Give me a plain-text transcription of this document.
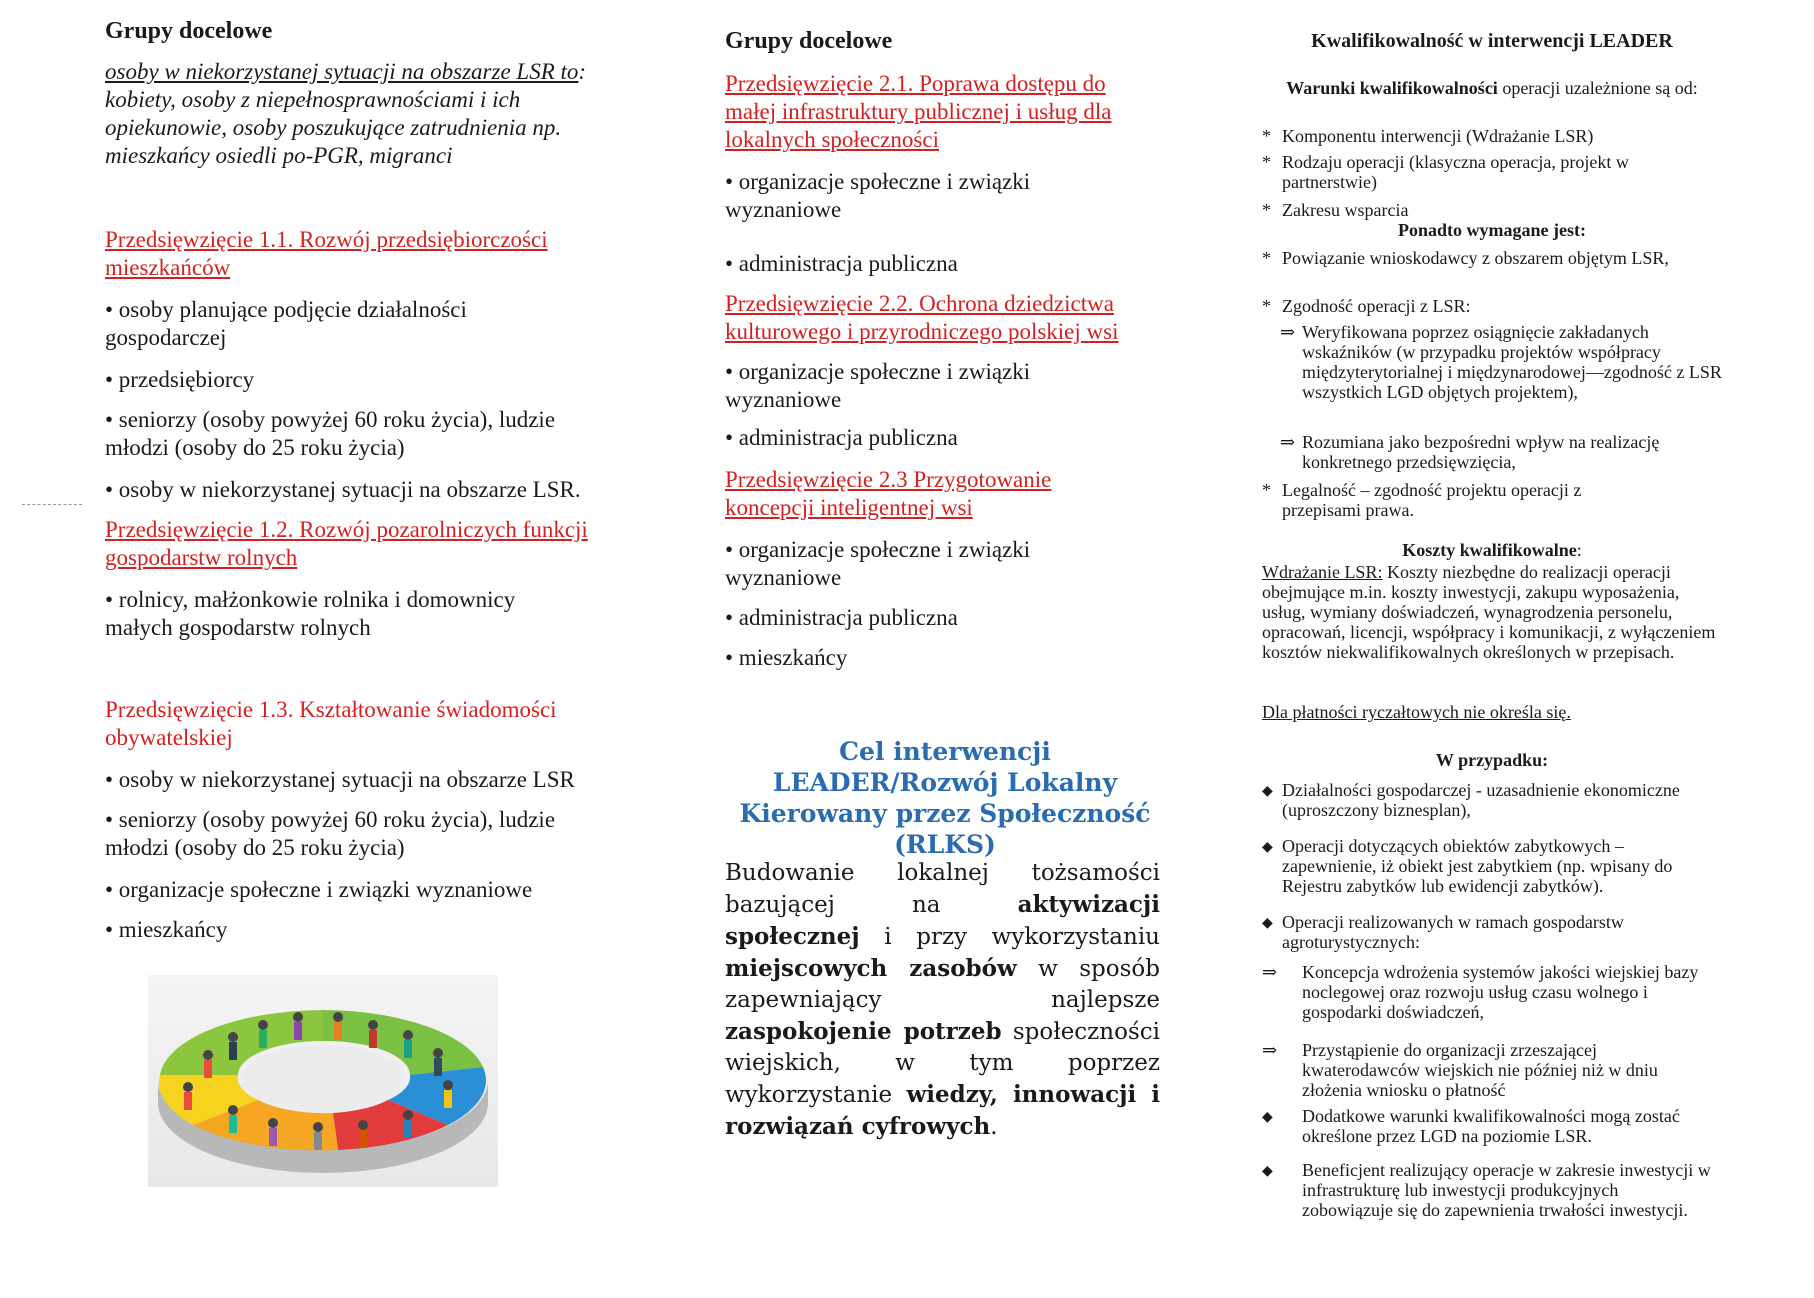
Grupy docelowe
osoby w niekorzystanej sytuacji na obszarze LSR to: kobiety, osoby z niepełnosprawnościami i ich opiekunowie, osoby poszukujące zatrudnienia np. mieszkańcy osiedli po-PGR, migranci
Przedsięwzięcie 1.1. Rozwój przedsiębiorczości mieszkańców
• osoby planujące podjęcie działalności gospodarczej
• przedsiębiorcy
• seniorzy (osoby powyżej 60 roku życia), ludzie młodzi (osoby do 25 roku życia)
• osoby w niekorzystanej sytuacji na obszarze LSR.
Przedsięwzięcie 1.2. Rozwój pozarolniczych funkcji gospodarstw rolnych
• rolnicy, małżonkowie rolnika i domownicy małych gospodarstw rolnych
Przedsięwzięcie 1.3. Kształtowanie świadomości obywatelskiej
• osoby w niekorzystanej sytuacji na obszarze LSR
• seniorzy (osoby powyżej 60 roku życia), ludzie młodzi (osoby do 25 roku życia)
• organizacje społeczne i związki wyznaniowe
• mieszkańcy
Grupy docelowe
Przedsięwzięcie 2.1. Poprawa dostępu do małej infrastruktury publicznej i usług dla lokalnych społeczności
• organizacje społeczne i związki wyznaniowe
• administracja publiczna
Przedsięwzięcie 2.2. Ochrona dziedzictwa kulturowego i przyrodniczego polskiej wsi
• organizacje społeczne i związki wyznaniowe
• administracja publiczna
Przedsięwzięcie 2.3 Przygotowanie koncepcji inteligentnej wsi
• organizacje społeczne i związki wyznaniowe
• administracja publiczna
• mieszkańcy
Cel interwencji LEADER/Rozwój Lokalny Kierowany przez Społeczność (RLKS)
Budowanie lokalnej tożsamości bazującej na aktywizacji społecznej i przy wykorzystaniu miejscowych zasobów w sposób zapewniający najlepsze zaspokojenie potrzeb społeczności wiejskich, w tym poprzez wykorzystanie wiedzy, innowacji i rozwiązań cyfrowych.
Kwalifikowalność w interwencji LEADER
Warunki kwalifikowalności operacji uzależnione są od:
* Komponentu interwencji (Wdrażanie LSR)
* Rodzaju operacji (klasyczna operacja, projekt w partnerstwie)
* Zakresu wsparcia
Ponadto wymagane jest:
* Powiązanie wnioskodawcy z obszarem objętym LSR,
* Zgodność operacji z LSR:
⇒ Weryfikowana poprzez osiągnięcie zakładanych wskaźników (w przypadku projektów współpracy międzyterytorialnej i międzynarodowej—zgodność z LSR wszystkich LGD objętych projektem),
⇒ Rozumiana jako bezpośredni wpływ na realizację konkretnego przedsięwzięcia,
* Legalność – zgodność projektu operacji z przepisami prawa.
Koszty kwalifikowalne:
Wdrażanie LSR: Koszty niezbędne do realizacji operacji obejmujące m.in. koszty inwestycji, zakupu wyposażenia, usług, wymiany doświadczeń, wynagrodzenia personelu, opracowań, licencji, współpracy i komunikacji, z wyłączeniem kosztów niekwalifikowalnych określonych w przepisach.
Dla płatności ryczałtowych nie określa się.
W przypadku:
◆ Działalności gospodarczej - uzasadnienie ekonomiczne (uproszczony biznesplan),
◆ Operacji dotyczących obiektów zabytkowych – zapewnienie, iż obiekt jest zabytkiem (np. wpisany do Rejestru zabytków lub ewidencji zabytków).
◆ Operacji realizowanych w ramach gospodarstw agroturystycznych:
⇒ Koncepcja wdrożenia systemów jakości wiejskiej bazy noclegowej oraz rozwoju usług czasu wolnego i gospodarki doświadczeń,
⇒ Przystąpienie do organizacji zrzeszającej kwaterodawców wiejskich nie później niż w dniu złożenia wniosku o płatność
◆ Dodatkowe warunki kwalifikowalności mogą zostać określone przez LGD na poziomie LSR.
◆ Beneficjent realizujący operacje w zakresie inwestycji w infrastrukturę lub inwestycji produkcyjnych zobowiązuje się do zapewnienia trwałości inwestycji.
